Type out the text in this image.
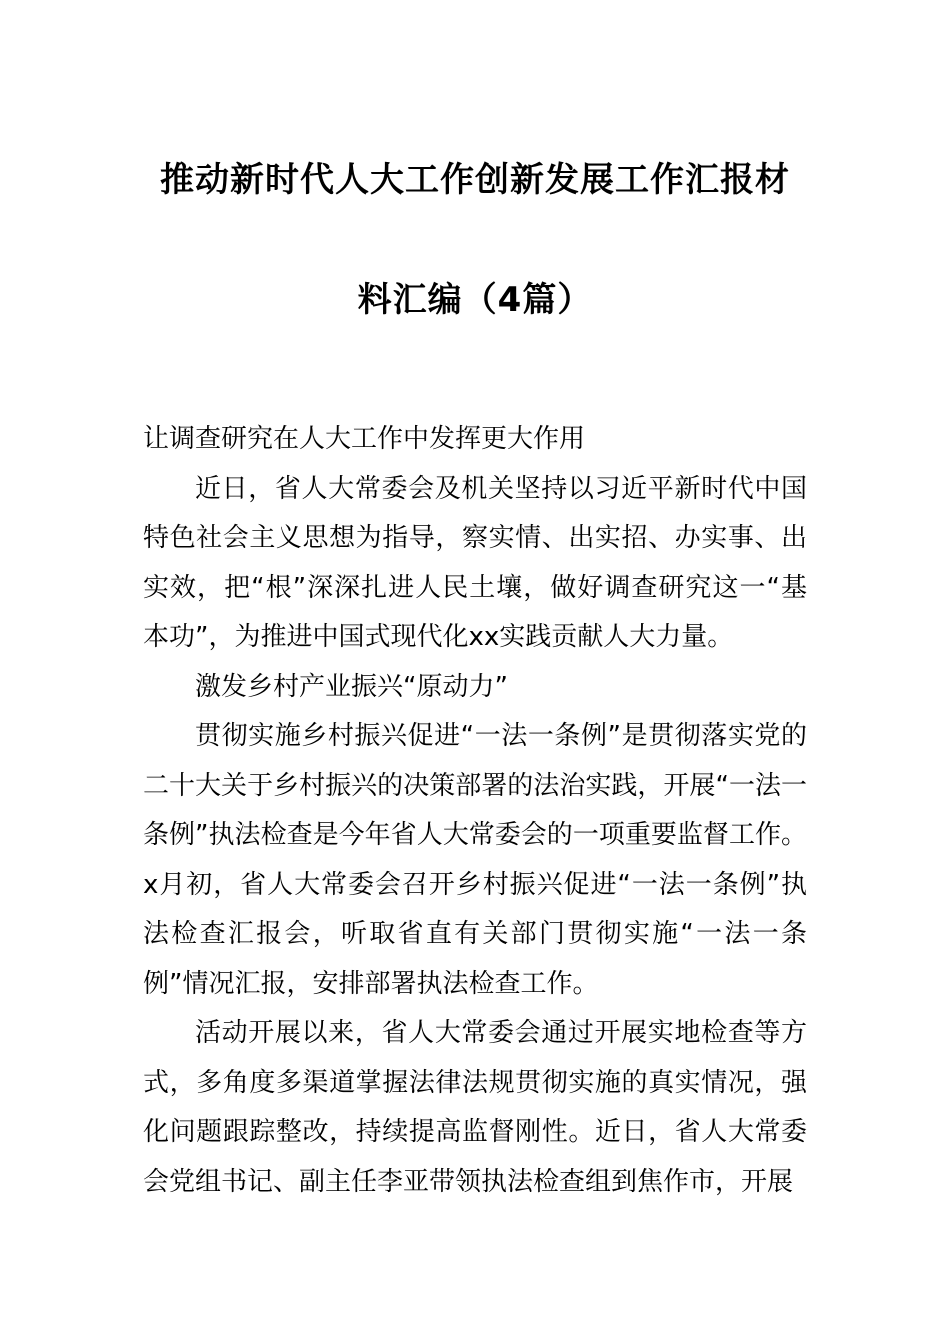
推动新时代人大工作创新发展工作汇报材
料汇编（4篇）

让调查研究在人大工作中发挥更大作用

近日，省人大常委会及机关坚持以习近平新时代中国特色社会主义思想为指导，察实情、出实招、办实事、出实效，把“根”深深扎进人民土壤，做好调查研究这一“基本功”，为推进中国式现代化xx实践贡献人大力量。

激发乡村产业振兴“原动力”

贯彻实施乡村振兴促进“一法一条例”是贯彻落实党的二十大关于乡村振兴的决策部署的法治实践，开展“一法一条例”执法检查是今年省人大常委会的一项重要监督工作。x月初，省人大常委会召开乡村振兴促进“一法一条例”执法检查汇报会，听取省直有关部门贯彻实施“一法一条例”情况汇报，安排部署执法检查工作。

活动开展以来，省人大常委会通过开展实地检查等方式，多角度多渠道掌握法律法规贯彻实施的真实情况，强化问题跟踪整改，持续提高监督刚性。近日，省人大常委会党组书记、副主任李亚带领执法检查组到焦作市，开展
